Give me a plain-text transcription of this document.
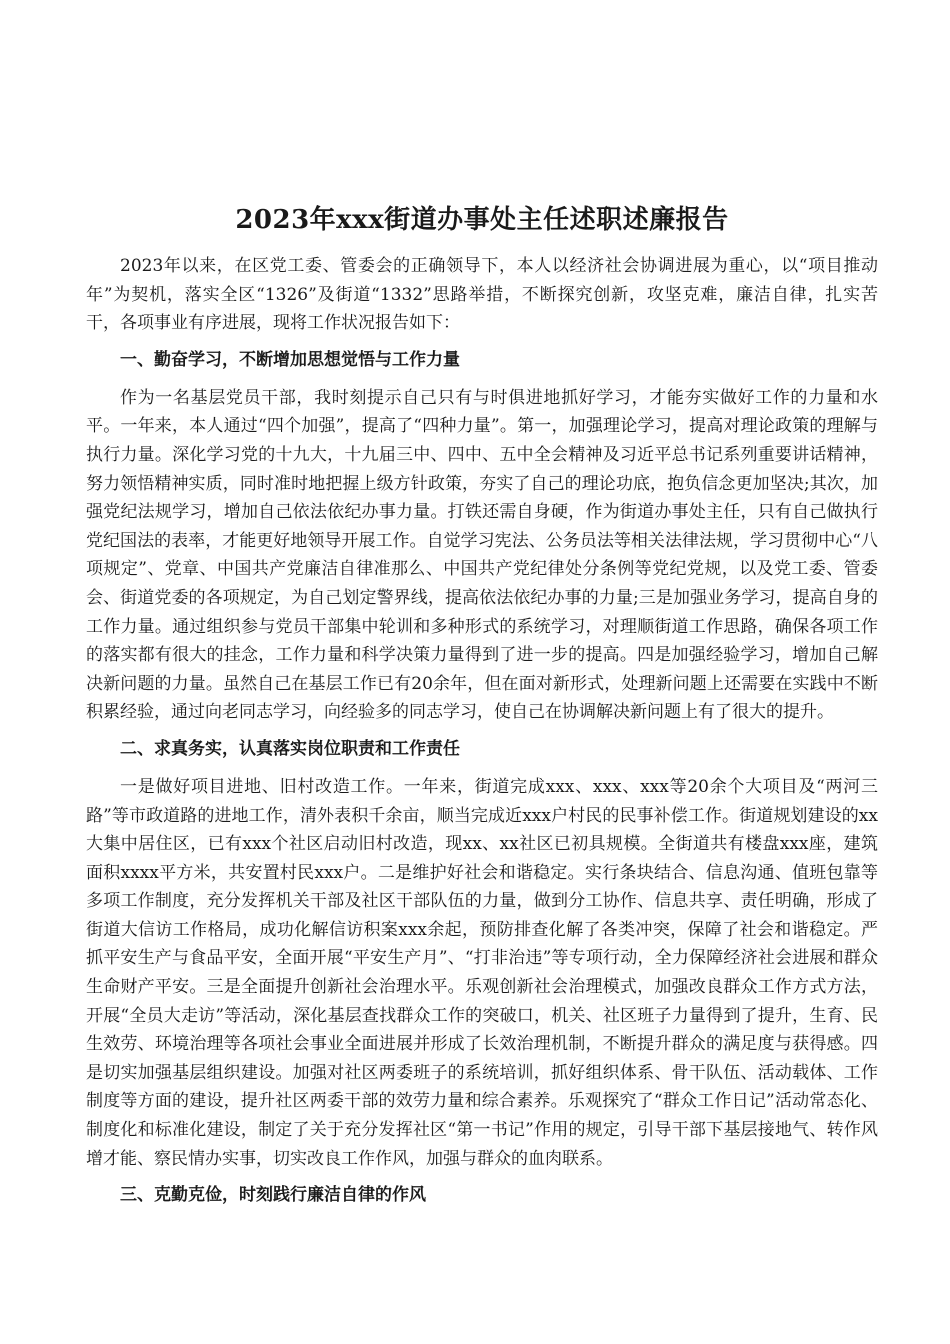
2023年xxx街道办事处主任述职述廉报告

2023年以来，在区党工委、管委会的正确领导下，本人以经济社会协调进展为重心，以“项目推动年”为契机，落实全区“1326”及街道“1332”思路举措，不断探究创新，攻坚克难，廉洁自律，扎实苦干，各项事业有序进展，现将工作状况报告如下：

一、勤奋学习，不断增加思想觉悟与工作力量

作为一名基层党员干部，我时刻提示自己只有与时俱进地抓好学习，才能夯实做好工作的力量和水平。一年来，本人通过“四个加强”，提高了“四种力量”。第一，加强理论学习，提高对理论政策的理解与执行力量。深化学习党的十九大，十九届三中、四中、五中全会精神及习近平总书记系列重要讲话精神，努力领悟精神实质，同时准时地把握上级方针政策，夯实了自己的理论功底，抱负信念更加坚决;其次，加强党纪法规学习，增加自己依法依纪办事力量。打铁还需自身硬，作为街道办事处主任，只有自己做执行党纪国法的表率，才能更好地领导开展工作。自觉学习宪法、公务员法等相关法律法规，学习贯彻中心“八项规定”、党章、中国共产党廉洁自律准那么、中国共产党纪律处分条例等党纪党规，以及党工委、管委会、街道党委的各项规定，为自己划定警界线，提高依法依纪办事的力量;三是加强业务学习，提高自身的工作力量。通过组织参与党员干部集中轮训和多种形式的系统学习，对理顺街道工作思路，确保各项工作的落实都有很大的挂念，工作力量和科学决策力量得到了进一步的提高。四是加强经验学习，增加自己解决新问题的力量。虽然自己在基层工作已有20余年，但在面对新形式，处理新问题上还需要在实践中不断积累经验，通过向老同志学习，向经验多的同志学习，使自己在协调解决新问题上有了很大的提升。

二、求真务实，认真落实岗位职责和工作责任

一是做好项目进地、旧村改造工作。一年来，街道完成xxx、xxx、xxx等20余个大项目及“两河三路”等市政道路的进地工作，清外表积千余亩，顺当完成近xxx户村民的民事补偿工作。街道规划建设的xx大集中居住区，已有xxx个社区启动旧村改造，现xx、xx社区已初具规模。全街道共有楼盘xxx座，建筑面积xxxx平方米，共安置村民xxx户。二是维护好社会和谐稳定。实行条块结合、信息沟通、值班包靠等多项工作制度，充分发挥机关干部及社区干部队伍的力量，做到分工协作、信息共享、责任明确，形成了街道大信访工作格局，成功化解信访积案xxx余起，预防排查化解了各类冲突，保障了社会和谐稳定。严抓平安生产与食品平安，全面开展“平安生产月”、“打非治违”等专项行动，全力保障经济社会进展和群众生命财产平安。三是全面提升创新社会治理水平。乐观创新社会治理模式，加强改良群众工作方式方法，开展“全员大走访”等活动，深化基层查找群众工作的突破口，机关、社区班子力量得到了提升，生育、民生效劳、环境治理等各项社会事业全面进展并形成了长效治理机制，不断提升群众的满足度与获得感。四是切实加强基层组织建设。加强对社区两委班子的系统培训，抓好组织体系、骨干队伍、活动载体、工作制度等方面的建设，提升社区两委干部的效劳力量和综合素养。乐观探究了“群众工作日记”活动常态化、制度化和标准化建设，制定了关于充分发挥社区“第一书记”作用的规定，引导干部下基层接地气、转作风增才能、察民情办实事，切实改良工作作风，加强与群众的血肉联系。

三、克勤克俭，时刻践行廉洁自律的作风
